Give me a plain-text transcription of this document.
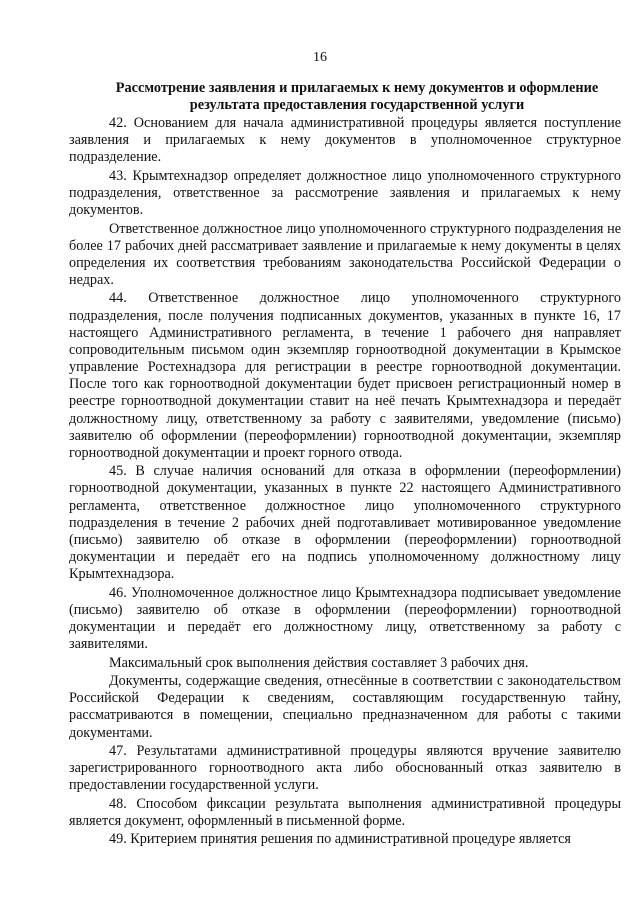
16
Рассмотрение заявления и прилагаемых к нему документов и оформление результата предоставления государственной услуги

42. Основанием для начала административной процедуры является поступление заявления и прилагаемых к нему документов в уполномоченное структурное подразделение.

43. Крымтехнадзор определяет должностное лицо уполномоченного структурного подразделения, ответственное за рассмотрение заявления и прилагаемых к нему документов.

Ответственное должностное лицо уполномоченного структурного подразделения не более 17 рабочих дней рассматривает заявление и прилагаемые к нему документы в целях определения их соответствия требованиям законодательства Российской Федерации о недрах.

44. Ответственное должностное лицо уполномоченного структурного подразделения, после получения подписанных документов, указанных в пункте 16, 17 настоящего Административного регламента, в течение 1 рабочего дня направляет сопроводительным письмом один экземпляр горноотводной документации в Крымское управление Ростехнадзора для регистрации в реестре горноотводной документации. После того как горноотводной документации будет присвоен регистрационный номер в реестре горноотводной документации ставит на неё печать Крымтехнадзора и передаёт должностному лицу, ответственному за работу с заявителями, уведомление (письмо) заявителю об оформлении (переоформлении) горноотводной документации, экземпляр горноотводной документации и проект горного отвода.

45. В случае наличия оснований для отказа в оформлении (переоформлении) горноотводной документации, указанных в пункте 22 настоящего Административного регламента, ответственное должностное лицо уполномоченного структурного подразделения в течение 2 рабочих дней подготавливает мотивированное уведомление (письмо) заявителю об отказе в оформлении (переоформлении) горноотводной документации и передаёт его на подпись уполномоченному должностному лицу Крымтехнадзора.

46. Уполномоченное должностное лицо Крымтехнадзора подписывает уведомление (письмо) заявителю об отказе в оформлении (переоформлении) горноотводной документации и передаёт его должностному лицу, ответственному за работу с заявителями.

Максимальный срок выполнения действия составляет 3 рабочих дня.

Документы, содержащие сведения, отнесённые в соответствии с законодательством Российской Федерации к сведениям, составляющим государственную тайну, рассматриваются в помещении, специально предназначенном для работы с такими документами.

47. Результатами административной процедуры являются вручение заявителю зарегистрированного горноотводного акта либо обоснованный отказ заявителю в предоставлении государственной услуги.

48. Способом фиксации результата выполнения административной процедуры является документ, оформленный в письменной форме.

49. Критерием принятия решения по административной процедуре является
